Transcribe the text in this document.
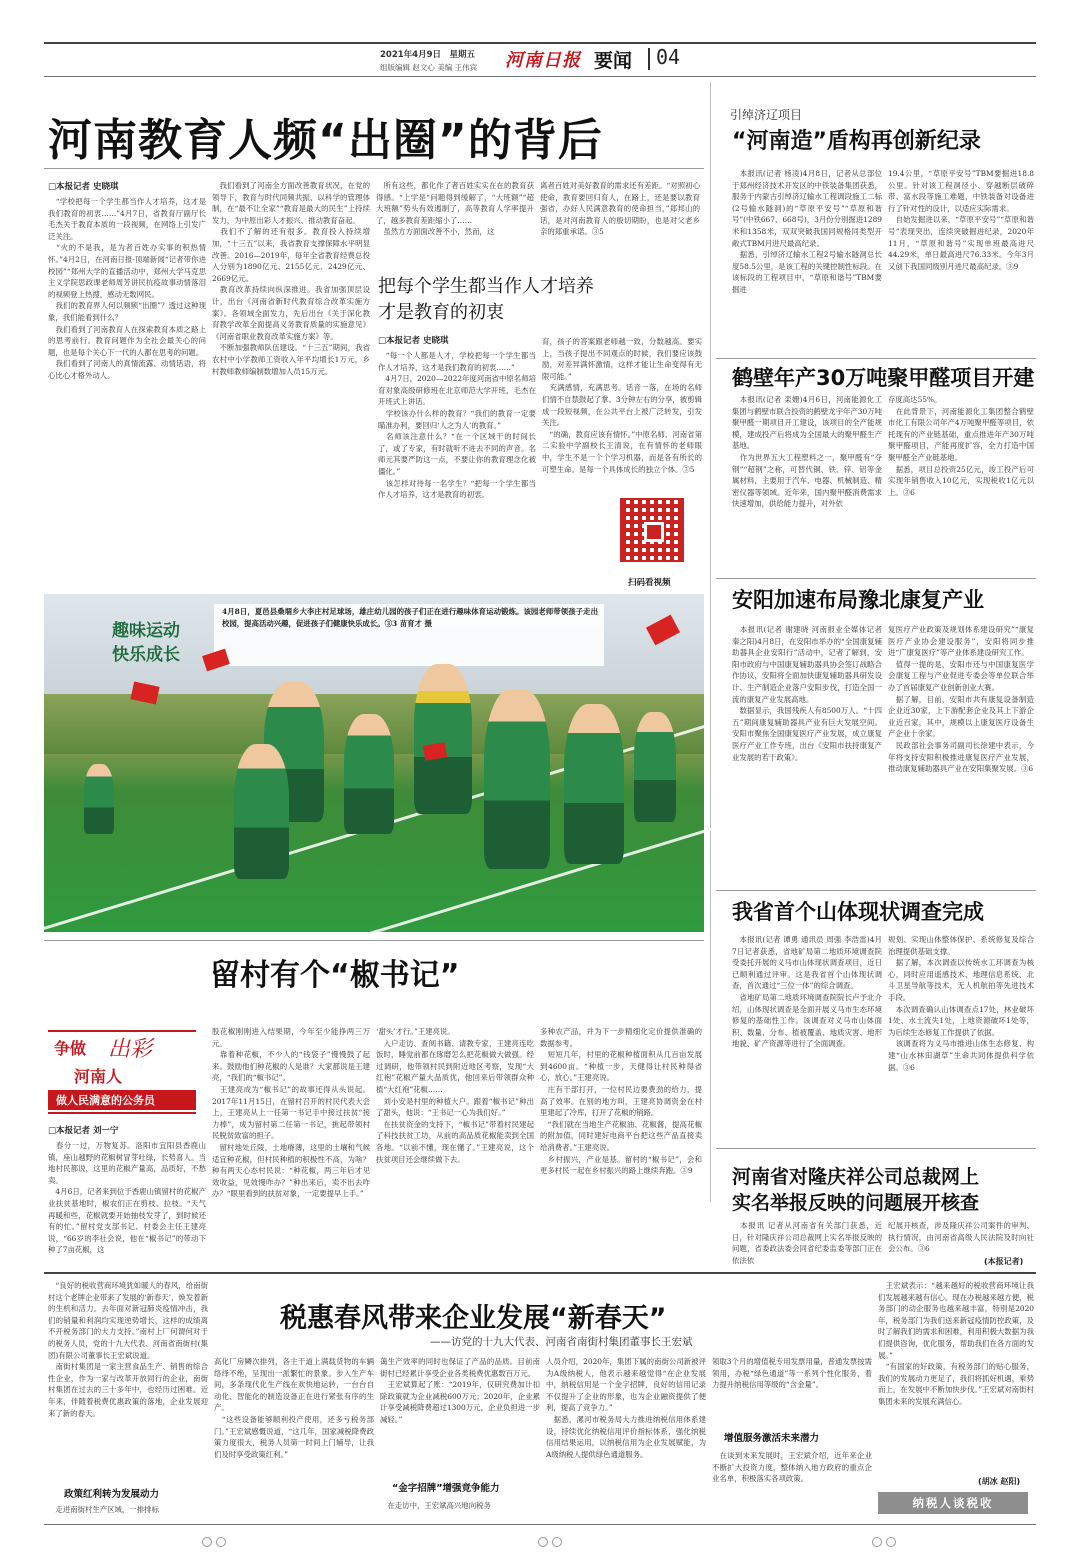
2021年4月9日　星期五
组版编辑 赵文心 美编 王伟宾	河南日报 要闻 04
河南教育人频“出圈”的背后
□本报记者 史晓琪
　“学校把每一个学生都当作人才培养，这才是我们教育的初衷……”4月7日，省教育厅副厅长毛杰关于教育本质的一段视频，在网络上引发广泛关注。
　“火的不是我，是为者百姓办实事的积热情怀。”4月2日，在河南日报-顶端新闻“记者带你进校园”“郑州大学的直播活动中，郑州大学马克思主义学院思政课老师周芳讲民抗疫故事动情落泪的视频登上热搜，感动无数网民。
　我们的教育界人何以频频“出圈”？透过这种现象，我们能看到什么？
　我们看到了河南教育人在探索教育本质之路上的思考前行。教育问题作为全社会最关心的问题，也是每个关心下一代的人都在思考的问题。
　我们看到了河南人的真情流露、动情话语，将心比心才格外动人。
　我们看到了河南全方面改善教育状况，在党的领导下，教育与时代同频共振、以科学的管理体制，在“最不让全家”“教育是最大的民生”上持续发力，为中原出彩人才振兴、推动教育奋起。
　我们不了解的还有很多。教育投入持续增加，“十三五”以来，我省教育支撑保障水平明显改善。2016—2019年，每年全省教育经费总投入分别为1890亿元、2155亿元、2429亿元、2669亿元。
　教育改革持续向纵深推进。我省加强顶层设计，出台《河南省新时代教育综合改革实施方案》。各领域全面发力，先后出台《关于深化教育教学改革全面提高义务教育质量的实施意见》《河南省职业教育改革实施方案》等。
　不断加强教师队伍建设。“十三五”期间，我省农村中小学教师工资收入年平均增长1万元，乡村教师教师编制数增加人员15万元。
　所有这些，都化作了者百姓实实在在的教育获得感。“上学是“问题得到缓解了，“大班额”“超大班额”势头有效遏制了，高等教育人学率提升了，越多教育差距缩小了……
　虽然方方面面改善不小，然而，这
离者百姓对美好教育的需求还有差距。“对照初心使命，教育要回归育人，在路上，还是要以教育强省，办好人民满意教育的使命担当，”郑邦山的话，是对河南教育人的殷切期盼，也是对父老乡亲的郑重承诺。③5
把每个学生都当作人才培养
才是教育的初衷
□本报记者 史晓琪
　“每一个人都是人才，学校把每一个学生都当作人才培养，这才是我们教育的初衷……”
　4月7日，2020—2022年度河南省中原名师培育对象高级研修班在北京师范大学开班，毛杰在开班式上讲话。
　学校该办什么样的教育？“我们的教育一定要瞄准办利，要回归‘人之为人’的教育。”
　名师该注意什么？“在一个区域干的时间长了，或了专家，有时就听不进去不同的声音。名师元其要严防这一点，不要让你的教育理念化被僵化。”
　该怎样对待每一名学生？“把每一个学生都当作人才培养，这才是教育的初衷。
育，孩子的答案跟老师越一致，分数越高。要实上，当孩子提出不同观点的时候，我们要应该鼓励，对差异满怀激情，这样才能让生命变得有无限可能。”
　充满感情，充满思考。话音一落，在场的名师们情不自禁鼓起了掌。3分钟左右的分享，被剪辑成一段短视频，在公共平台上被广泛转发，引发关注。
　“的确，教育应该有情怀。”中原名师、河南省第二实验中学副校长王清说，在有情怀的老师眼中，学生不是一个个学习机器，而是各有所长的可塑生命。是每一个具体成长的独立个体。③5
扫码看视频
趣味运动
快乐成长
4月8日，夏邑县桑堌乡大李庄村足球场，雄庄幼儿园的孩子们正在进行趣味体育运动锻炼。该园老师带领孩子走出校园，提高活动兴趣，促进孩子们健康快乐成长。③3 苗育才 摄
留村有个“椒书记”
争做 出彩
河南人
做人民满意的公务员
□本报记者 刘一宁
　春分一过，万物复苏。洛阳市宜阳县香鹿山镇，座山越野的花椒树冒芽吐绿，长势喜人。当地村民都说，这里的花椒产量高，品质好，不愁卖。
　4月6日，记者来到位于香鹿山镇留村的花椒产业扶贫基地时，椒农们正在剪枝、拉枝。“天气再暖和些，花椒就要开始抽枝发芽了，到时候还有的忙。”留村党支部书记、村委会主任王建亮说，“66岁的李社会说，他在“椒书记”的带动下种了7亩花椒，这
股花椒刚刚进入结果期，今年至少能挣两三万元。
　靠着种花椒，不少人的“钱袋子”慢慢鼓了起来。鼓励他们种花椒的人是谁？大家都说是王建亮，“我们的“椒书记”。
　王建亮成为“椒书记”的故事还得从头说起。2017年11月15日，在留村召开的村民代表大会上，王建亮从上一任第一书记手中接过扶贫“接力棒”，成为留村第二任第一书记，挑起带领村民脱贫致富的担子。
　留村地处丘陵，土地瘠薄，这里的土壤和气候适宜种花椒，但村民种植的积极性不高，为啥？种有两天心态村民说：“种花椒，两三年后才见效收益，见效慢咋办？”种出来后，卖不出去咋办？“眼里看到的扶贫对象，一定要提早上手。”
‘甜头’才行。”王建亮说。
　入户走访、查阅书籍、请教专家，王建亮连吃饭时，睡觉前都在琢磨怎么把花椒做大做强。经过调研，他带领村民到附近地区考察，发现“大红袍”花椒产量大品质优，他回来后带领群众种植“大红袍”花椒……
　刘小安是村里的种植大户。跟着“椒书记”种出了甜头，他说：“王书记一心为我们好。”
　在扶贫资金的支持下，“椒书记”带着村民建起了科技扶贫工坊，从前的高品质花椒能卖到全国各地。“以前不懂，现在懂了。”王建亮说，这个扶贫项目还会继续做下去。
多种农产品，并为下一步精细化定价提供准确的数据参考。
　短短几年，村里的花椒种植面积从几百亩发展到4600亩。“种植一步，天健得让村民种得省心，放心。”王建亮说。
　庄有干部打开，一位村民边要费劲的给力，提高了效率。在别的地方叫，王建亮协调资金在村里建起了冷库，打开了花椒的销路。
　“我们就在当地生产花椒油、花椒酱，提高花椒的附加值，同时建好电商平台把这些产品直接卖给消费者。”王建亮说。
　乡村振兴，产业是基。留村的“椒书记”，会和更多村民一起在乡村振兴的路上继续奔跑。③9
引绰济辽项目
“河南造”盾构再创新纪录
　本报讯(记者 杨凌)4月8日，记者从总部位于郑州经济技术开发区的中铁装备集团获悉，服务于内蒙古引绰济辽输水工程调段施工二标(2号输水隧洞)的“草原平安号”“草原和谐号”(中铁667、668号)，3月份分别掘进1289米和1358米，双双突破我国同规格同类型开敞式TBM月进尺最高纪录。
　据悉，引绰济辽输水工程2号输水隧洞总长度58.5公里，是该工程的关键控制性标段。在该标段的工程项目中，“草原和谐号”TBM要掘进
19.4公里，“草原平安号”TBM要掘进18.8公里。针对该工程洞径小、穿越断层破碎带、富水段等施工难题，中铁装备对设备进行了针对性的设计，以适应实际需求。
　自始发掘进以来，“草原平安号”“草原和谐号”表现突出，连续突破掘进纪录，2020年11月，“草原和谐号”实现单班最高进尺44.29米，单日最高进尺76.33米。今年3月又创下我国同级别月进尺最高纪录。③9
鹤壁年产30万吨聚甲醛项目开建
　本报讯(记者 栾姗)4月6日，河南能源化工集团与鹤壁市联合投资的鹤壁龙宇年产30万吨聚甲醛一期项目开工建设，该项目的全产能规模，建成投产后将成为全国最大的聚甲醛生产基地。
　作为世界五大工程塑料之一，聚甲醛有“夺钢”“超钢”之称，可替代铜、铁、锌、铝等金属材料，主要用于汽车、电器、机械制造、精密仪器等领域。近年来，国内聚甲醛消费需求快速增加，供给能力提升，对外依
存度高达55%。
　在此背景下，河南能源化工集团整合鹤壁市化工有限公司年产4万吨聚甲醛等项目，依托现有的产业链基础，重点推进年产30万吨聚甲醛项目，产能再度扩容，全力打造中国聚甲醛全产业链基地。
　据悉，项目总投资25亿元，竣工投产后可实现年销售收入10亿元，实现税收1亿元以上。③6
安阳加速布局豫北康复产业
　本报讯(记者 谢建晓 河南报业全媒体记者 秦之阳)4月8日，在安阳市举办的“全国康复辅助器具企业安阳行”活动中，记者了解到，安阳市政府与中国康复辅助器具协会签订战略合作协议，安阳将全面加快康复辅助器具研发设计、生产制造企业落户安阳步伐，打造全国一流的康复产业发展高地。
　数据显示，我国残疾人有8500万人。“十四五”期间康复辅助器具产业有巨大发展空间。安阳市聚焦全国康复医疗产业发展，成立康复医疗产业工作专班，出台《安阳市扶持康复产业发展的若干政策》。
复医疗产业政策及规划体系建设研究”“康复医疗产业协会建设服务”，安阳将同步推进“广康复医疗”等产业体系建设研究工作。
　值得一提的是，安阳市还与中国康复医学会康复工程与产业促进专委会等单位联合举办了首届康复产业创新创业大赛。
　据了解，目前，安阳市共有康复设备制造企业近30家，上下游配套企业及其上下游企业近百家，其中，规模以上康复医疗设备生产企业十余家。
　民政部社会事务司副司长徐建中表示，今年将支持安阳积极推进康复医疗产业发展，推动康复辅助器具产业在安阳集聚发展。③6
我省首个山体现状调查完成
　本报讯(记者 谭勇 通讯员 周强 李浩雷)4月7日记者获悉，省地矿局第二地质环境调查院受委托开展的义马市山体现状调查项目，近日已顺利通过评审。这是我省首个山体现状调查，首次通过“三位一体”的综合调查。
　省地矿局第二地质环境调查院院长卢予北介绍，山体现状调查是全面开展义马市生态环境修复的基础性工作。该调查对义马市山体面积、数量、分布、植被覆盖、地质灾害、地形地貌、矿产资源等进行了全面调查。
规划、实现山体整体保护、系统修复及综合治理提供基础支撑。
　据了解，本次调查以传统水工环调查为核心，同时应用遥感技术、地理信息系统、北斗卫星导航等技术，无人机航拍等先进技术手段。
　本次调查确认山体调查点17处，林业破坏1处、水土流失1处，上地资源破坏1处等，为后续生态修复工作提供了依据。
　该调查将为义马市推进山体生态修复、构建“山水林田湖草”生命共同体提供科学依据。③6
河南省对隆庆祥公司总裁网上
实名举报反映的问题展开核查
　本报讯 记者从河南省有关部门获悉，近日，针对隆庆祥公司总裁网上实名举报反映的问题，省委政法委会同省纪委监委等部门正在依法依
纪展开核查，涉及隆庆祥公司案件的审判、执行情况，由河南省高级人民法院及时向社会公布。③6
(本报记者)
税惠春风带来企业发展“新春天”
——访党的十九大代表、河南省南街村集团董事长王宏斌
　“良好的税收营商环境犹如暖人的春风，给南街村这个老牌企业带来了发展的‘新春天’，焕发着新的生机和活力。去年面对新冠肺炎疫情冲击，我们的销量和利润均实现逆势增长，这样的成绩离不开税务部门的大力支持。”南村上厂何谓何对于的税务人员，党的十九大代表、河南省南街村(集团)有限公司董事长王宏斌说道。
　南街村集团是一家主营食品生产、销售的综合性企业，作为一家与改革开放同行的企业，南街村集团在过去的三十多年中，也经历过困难。近年来，伴随着税费优惠政策的落地，企业发展迎来了新的春天。
政策红利转为发展动力
　走进南街村生产区域，一排排标
高化厂房鳞次排列，各主干道上满载货物的车辆络绎不绝，呈现出一派繁忙的景象。步入生产车间，多条现代化生产线在欢快地运转，一台台自动化、智能化的制造设备正在进行紧张有序的生产。
　“这些设备能够顺利投产使用，还多亏税务部门。”王宏斌感慨说道，“这几年，国家减税降费政策力度很大，税务人员第一时间上门辅导，让我们及时享受政策红利。”
蔼生产效率的同时也保证了产品的品质。目前南街村已经累计享受企业各类税费优惠数百万元。
　王宏斌算起了账：“2019年，仅研究费加计扣除政策就为企业减税600万元；2020年，企业累计享受减税降费超过1300万元，企业负担进一步减轻。”
“金字招牌”增强竞争能力
　在走访中，王宏斌高兴地向税务
人员介绍，2020年，集团下属的南街公司新被评为A级纳税人，他表示越来越觉得“在企业发展中，纳税信用是一个金字招牌，良好的信用记录不仅提升了企业的形象，也为企业融资提供了便利，提高了竞争力。”
　据悉，漯河市税务局大力推进纳税信用体系建设，持续优化纳税信用评价指标体系，强化纳税信用结果运用，以纳税信用为企业发展赋能，为A级纳税人提供绿色通道服务。
领取3个月的增值税专用发票用量，普通发票按需领用，办税“绿色通道”等一系列个性化服务，着力提升纳税信用等级的“含金量”。

增值服务激活未来潜力
　在谈到未来发展时，王宏斌介绍，近年来企业不断扩大投资力度，整体纳入地方政府的重点企业名单，积极落实各项政策。
　王宏斌表示：“越来越好的税收营商环境让我们发展越来越有信心。现在办税越来越方便，税务部门的动企服务也越来越丰富，特别是2020年，税务部门为我们送来新冠疫情防控政策，及时了解我们的需求和困难，利用积极大数据为我们提供咨询，优化服务，帮助我们在各方面的发展。”
　“有国家的好政策，有税务部门的贴心服务，我们的发展动力更足了，我们将抓好机遇，乘势而上，在发展中不断加快步伐。”王宏斌对南街村集团未来的发展充满信心。
(胡冰 赵阳)
纳税人谈税收
